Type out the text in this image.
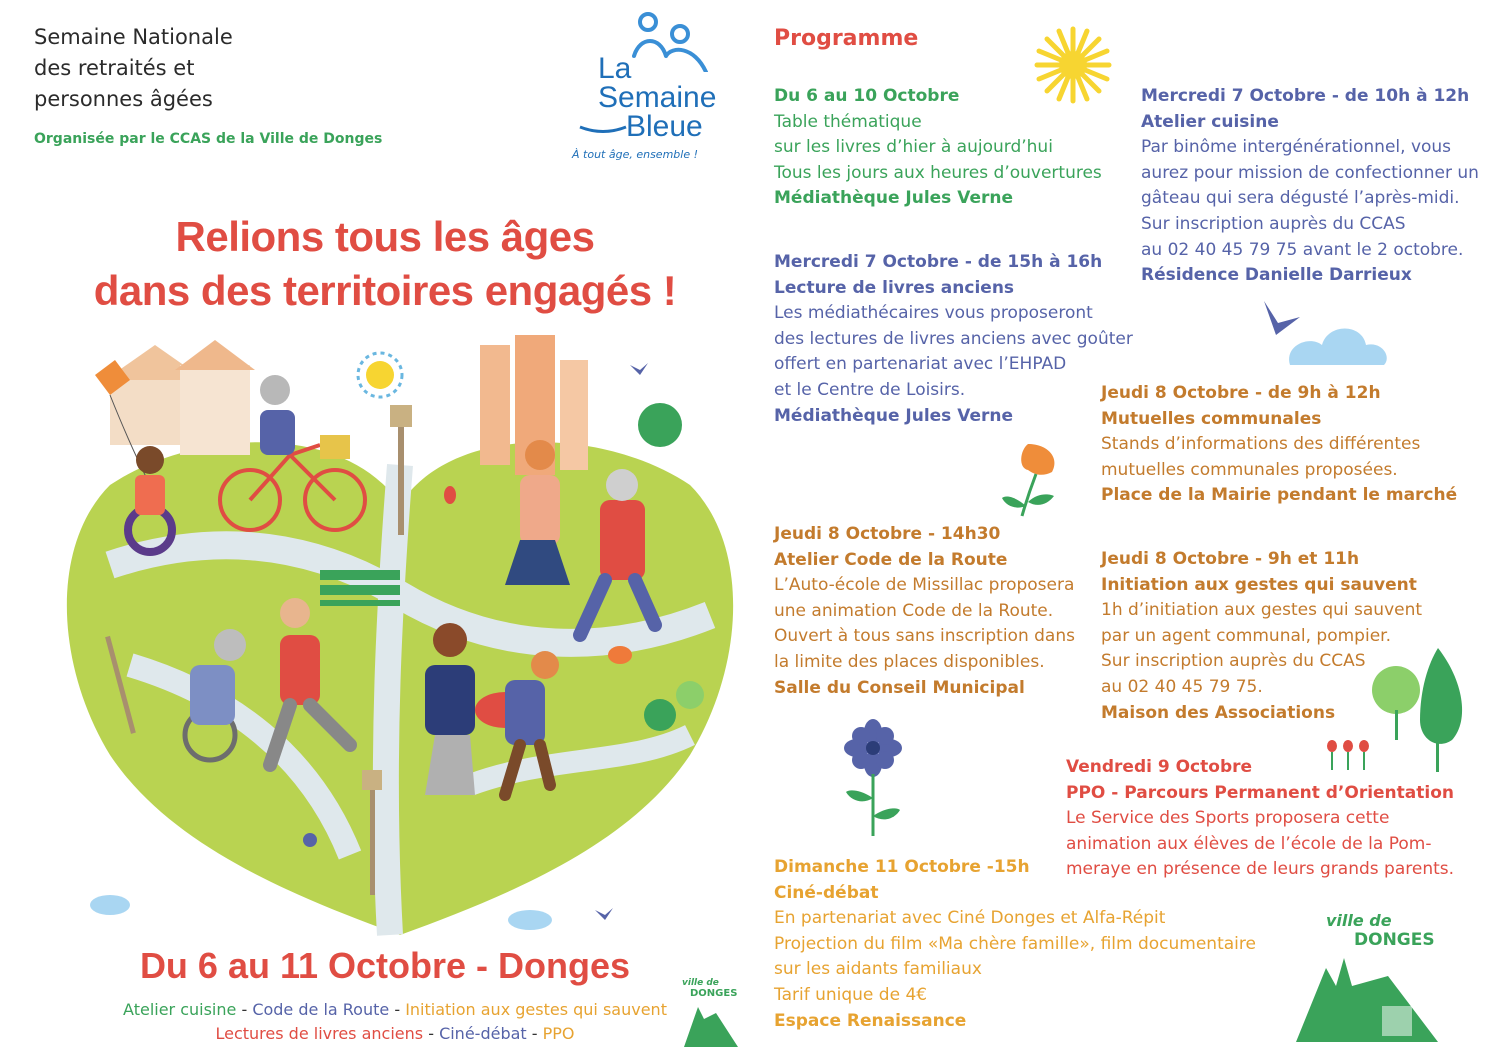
Semaine Nationale
des retraités et
personnes âgées
Organisée par le CCAS de la Ville de Donges
La
Semaine
Bleue
À tout âge, ensemble !
Relions tous les âges
dans des territoires engagés !
Du 6 au 11 Octobre - Donges
Atelier cuisine - Code de la Route - Initiation aux gestes qui sauvent
Lectures de livres anciens - Ciné-débat - PPO
ville de
DONGES
Programme
Du 6 au 10 Octobre
Table thématique
sur les livres d’hier à aujourd’hui
Tous les jours aux heures d’ouvertures
Médiathèque Jules Verne
Mercredi 7 Octobre - de 10h à 12h
Atelier cuisine
Par binôme intergénérationnel, vous
aurez pour mission de confectionner un
gâteau qui sera dégusté l’après-midi.
Sur inscription auprès du CCAS
au 02 40 45 79 75 avant le 2 octobre.
Résidence Danielle Darrieux
Mercredi 7 Octobre - de 15h à 16h
Lecture de livres anciens
Les médiathécaires vous proposeront
des lectures de livres anciens avec goûter
offert en partenariat avec l’EHPAD
et le Centre de Loisirs.
Médiathèque Jules Verne
Jeudi 8 Octobre - de 9h à 12h
Mutuelles communales
Stands d’informations des différentes
mutuelles communales proposées.
Place de la Mairie pendant le marché
Jeudi 8 Octobre - 14h30
Atelier Code de la Route
L’Auto-école de Missillac proposera
une animation Code de la Route.
Ouvert à tous sans inscription dans
la limite des places disponibles.
Salle du Conseil Municipal
Jeudi 8 Octobre - 9h et 11h
Initiation aux gestes qui sauvent
1h d’initiation aux gestes qui sauvent
par un agent communal, pompier.
Sur inscription auprès du CCAS
au 02 40 45 79 75.
Maison des Associations
Vendredi 9 Octobre
PPO - Parcours Permanent d’Orientation
Le Service des Sports proposera cette
animation aux élèves de l’école de la Pom-
meraye en présence de leurs grands parents.
Dimanche 11 Octobre -15h
Ciné-débat
En partenariat avec Ciné Donges et Alfa-Répit
Projection du film «Ma chère famille», film documentaire
sur les aidants familiaux
Tarif unique de 4€
Espace Renaissance
ville de
DONGES
